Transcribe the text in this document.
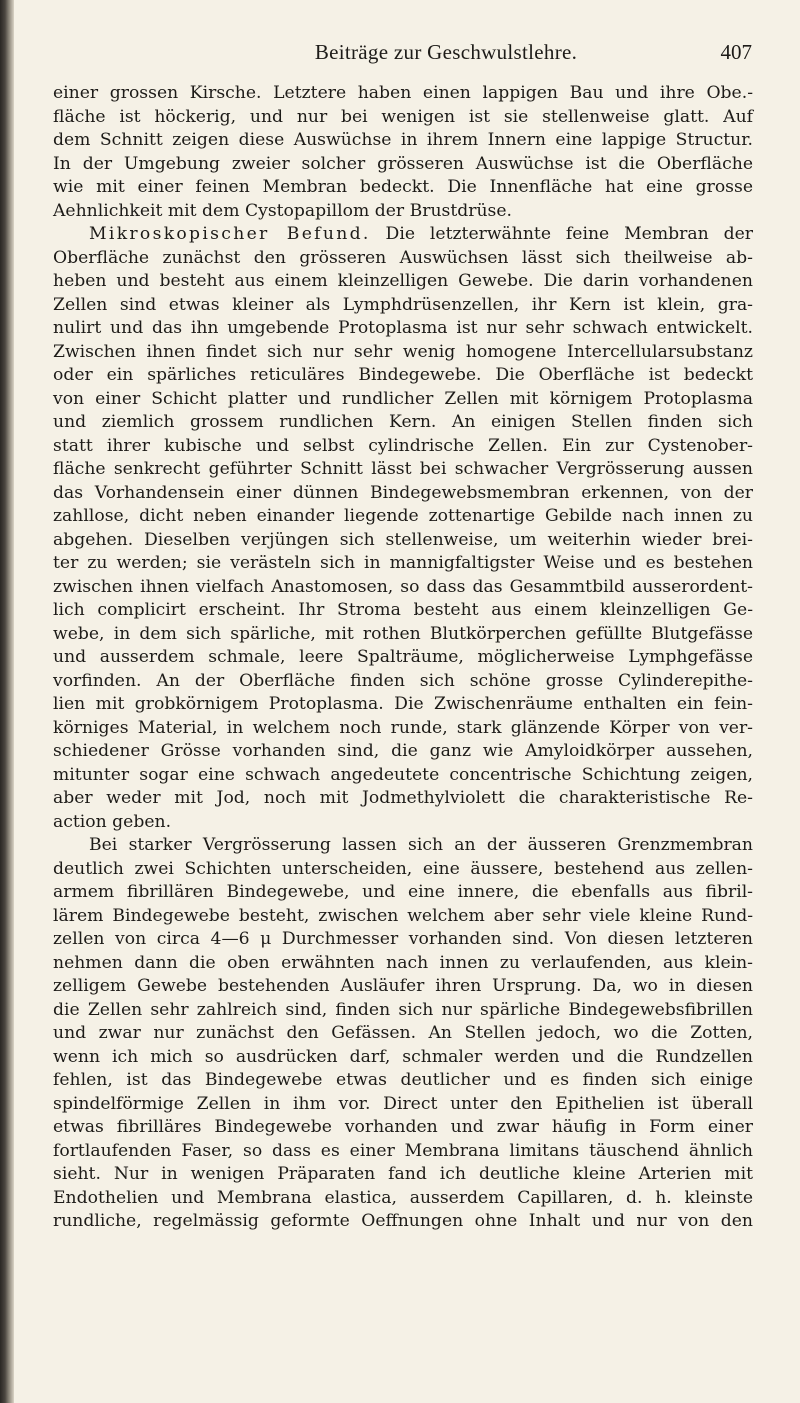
Beiträge zur Geschwulstlehre.	407
einer grossen Kirsche. Letztere haben einen lappigen Bau und ihre Obe.-
fläche ist höckerig, und nur bei wenigen ist sie stellenweise glatt. Auf
dem Schnitt zeigen diese Auswüchse in ihrem Innern eine lappige Structur.
In der Umgebung zweier solcher grösseren Auswüchse ist die Oberfläche
wie mit einer feinen Membran bedeckt. Die Innenfläche hat eine grosse
Aehnlichkeit mit dem Cystopapillom der Brustdrüse.
Mikroskopischer Befund. Die letzterwähnte feine Membran der
Oberfläche zunächst den grösseren Auswüchsen lässt sich theilweise ab-
heben und besteht aus einem kleinzelligen Gewebe. Die darin vorhandenen
Zellen sind etwas kleiner als Lymphdrüsenzellen, ihr Kern ist klein, gra-
nulirt und das ihn umgebende Protoplasma ist nur sehr schwach entwickelt.
Zwischen ihnen findet sich nur sehr wenig homogene Intercellularsubstanz
oder ein spärliches reticuläres Bindegewebe. Die Oberfläche ist bedeckt
von einer Schicht platter und rundlicher Zellen mit körnigem Protoplasma
und ziemlich grossem rundlichen Kern. An einigen Stellen finden sich
statt ihrer kubische und selbst cylindrische Zellen. Ein zur Cystenober-
fläche senkrecht geführter Schnitt lässt bei schwacher Vergrösserung aussen
das Vorhandensein einer dünnen Bindegewebsmembran erkennen, von der
zahllose, dicht neben einander liegende zottenartige Gebilde nach innen zu
abgehen. Dieselben verjüngen sich stellenweise, um weiterhin wieder brei-
ter zu werden; sie verästeln sich in mannigfaltigster Weise und es bestehen
zwischen ihnen vielfach Anastomosen, so dass das Gesammtbild ausserordent-
lich complicirt erscheint. Ihr Stroma besteht aus einem kleinzelligen Ge-
webe, in dem sich spärliche, mit rothen Blutkörperchen gefüllte Blutgefässe
und ausserdem schmale, leere Spalträume, möglicherweise Lymphgefässe
vorfinden. An der Oberfläche finden sich schöne grosse Cylinderepithe-
lien mit grobkörnigem Protoplasma. Die Zwischenräume enthalten ein fein-
körniges Material, in welchem noch runde, stark glänzende Körper von ver-
schiedener Grösse vorhanden sind, die ganz wie Amyloidkörper aussehen,
mitunter sogar eine schwach angedeutete concentrische Schichtung zeigen,
aber weder mit Jod, noch mit Jodmethylviolett die charakteristische Re-
action geben.
Bei starker Vergrösserung lassen sich an der äusseren Grenzmembran
deutlich zwei Schichten unterscheiden, eine äussere, bestehend aus zellen-
armem fibrillären Bindegewebe, und eine innere, die ebenfalls aus fibril-
lärem Bindegewebe besteht, zwischen welchem aber sehr viele kleine Rund-
zellen von circa 4—6 μ Durchmesser vorhanden sind. Von diesen letzteren
nehmen dann die oben erwähnten nach innen zu verlaufenden, aus klein-
zelligem Gewebe bestehenden Ausläufer ihren Ursprung. Da, wo in diesen
die Zellen sehr zahlreich sind, finden sich nur spärliche Bindegewebsfibrillen
und zwar nur zunächst den Gefässen. An Stellen jedoch, wo die Zotten,
wenn ich mich so ausdrücken darf, schmaler werden und die Rundzellen
fehlen, ist das Bindegewebe etwas deutlicher und es finden sich einige
spindelförmige Zellen in ihm vor. Direct unter den Epithelien ist überall
etwas fibrilläres Bindegewebe vorhanden und zwar häufig in Form einer
fortlaufenden Faser, so dass es einer Membrana limitans täuschend ähnlich
sieht. Nur in wenigen Präparaten fand ich deutliche kleine Arterien mit
Endothelien und Membrana elastica, ausserdem Capillaren, d. h. kleinste
rundliche, regelmässig geformte Oeffnungen ohne Inhalt und nur von den
